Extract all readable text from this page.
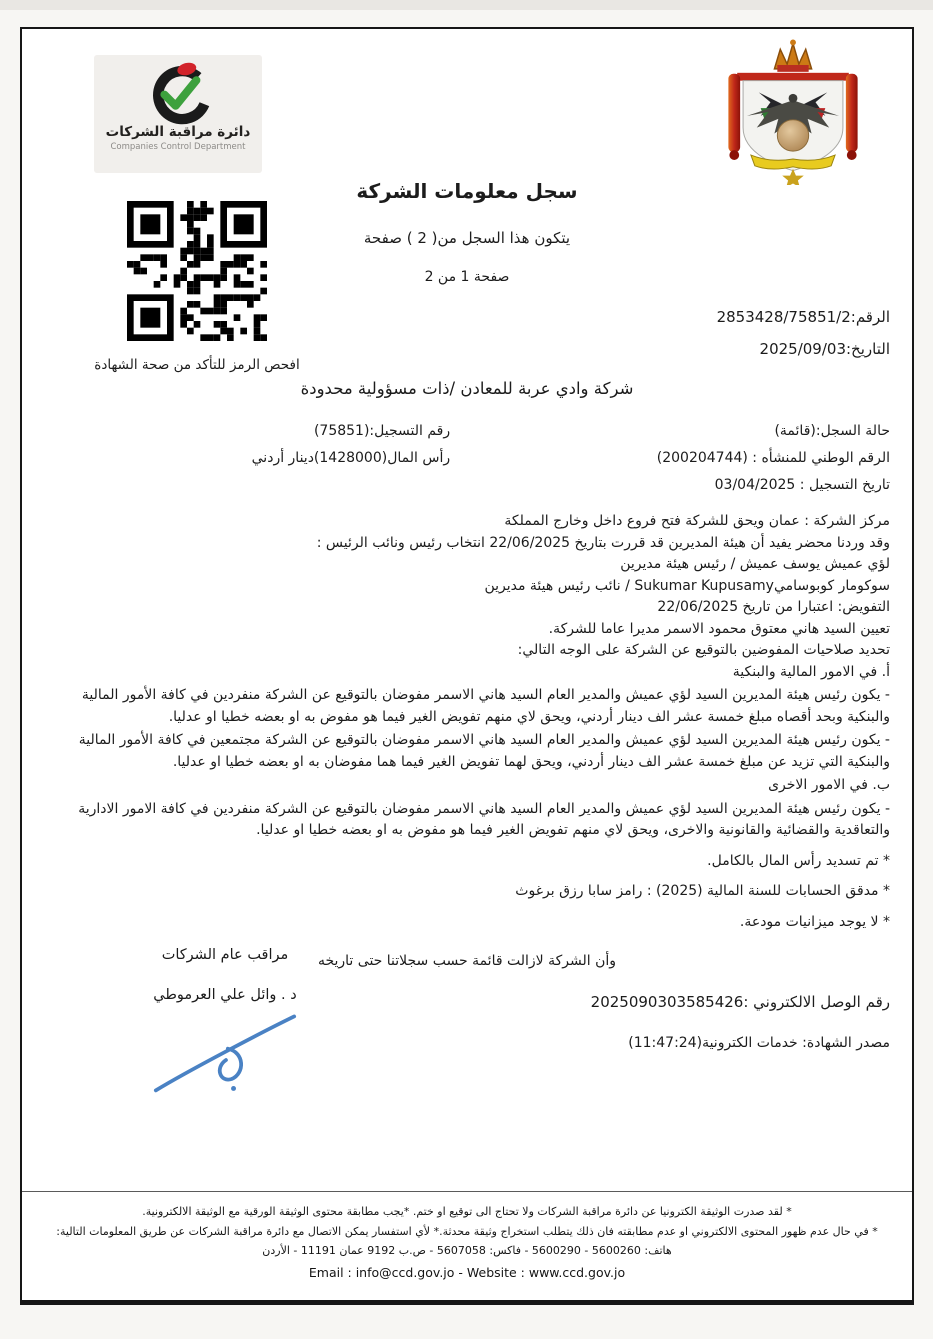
دائرة مراقبة الشركات
Companies Control Department
سجل معلومات الشركة
يتكون هذا السجل من( 2 ) صفحة
صفحة 1 من 2
الرقم:2853428/75851/2
التاريخ:2025/09/03
افحص الرمز للتأكد من صحة الشهادة
شركة وادي عربة للمعادن /ذات مسؤولية محدودة
حالة السجل:(قائمة)
رقم التسجيل:(75851)
الرقم الوطني للمنشأه : (200204744)
رأس المال(1428000)دينار أردني
تاريخ التسجيل : 03/04/2025
مركز الشركة : عمان ويحق للشركة فتح فروع داخل وخارج المملكة
وقد وردنا محضر يفيد أن هيئة المديرين قد قررت بتاريخ 22/06/2025 انتخاب رئيس ونائب الرئيس :
لؤي عميش يوسف عميش / رئيس هيئة مديرين
سوكومار كوبوساميSukumar Kupusamy / نائب رئيس هيئة مديرين
التفويض: اعتبارا من تاريخ 22/06/2025
تعيين السيد هاني معتوق محمود الاسمر مديرا عاما للشركة.
تحديد صلاحيات المفوضين بالتوقيع عن الشركة على الوجه التالي:
أ. في الامور المالية والبنكية
- يكون رئيس هيئة المديرين السيد لؤي عميش والمدير العام السيد هاني الاسمر مفوضان بالتوقيع عن الشركة منفردين في كافة الأمور المالية والبنكية وبحد أقصاه مبلغ خمسة عشر الف دينار أردني، ويحق لاي منهم تفويض الغير فيما هو مفوض به او بعضه خطيا او عدليا.
- يكون رئيس هيئة المديرين السيد لؤي عميش والمدير العام السيد هاني الاسمر مفوضان بالتوقيع عن الشركة مجتمعين في كافة الأمور المالية والبنكية التي تزيد عن مبلغ خمسة عشر الف دينار أردني، ويحق لهما تفويض الغير فيما هما مفوضان به او بعضه خطيا او عدليا.
ب. في الامور الاخرى
- يكون رئيس هيئة المديرين السيد لؤي عميش والمدير العام السيد هاني الاسمر مفوضان بالتوقيع عن الشركة منفردين في كافة الامور الادارية والتعاقدية والقضائية والقانونية والاخرى، ويحق لاي منهم تفويض الغير فيما هو مفوض به او بعضه خطيا او عدليا.
* تم تسديد رأس المال بالكامل.
* مدقق الحسابات للسنة المالية (2025) : رامز سابا رزق برغوث
* لا يوجد ميزانيات مودعة.
وأن الشركة لازالت قائمة حسب سجلاتنا حتى تاريخه
رقم الوصل الالكتروني :2025090303585426
مصدر الشهادة: خدمات الكترونية(11:47:24)
مراقب عام الشركات
د . وائل علي العرموطي
* لقد صدرت الوثيقة الكترونيا عن دائرة مراقبة الشركات ولا تحتاج الى توقيع او ختم. *يجب مطابقة محتوى الوثيقة الورقية مع الوثيقة الالكترونية.
* في حال عدم ظهور المحتوى الالكتروني او عدم مطابقته فان ذلك يتطلب استخراج وثيقة محدثة.* لأي استفسار يمكن الاتصال مع دائرة مراقبة الشركات عن طريق المعلومات التالية:
هاتف: 5600260 - 5600290 - فاكس: 5607058 - ص.ب 9192 عمان 11191 - الأردن
Email : info@ccd.gov.jo - Website : www.ccd.gov.jo
